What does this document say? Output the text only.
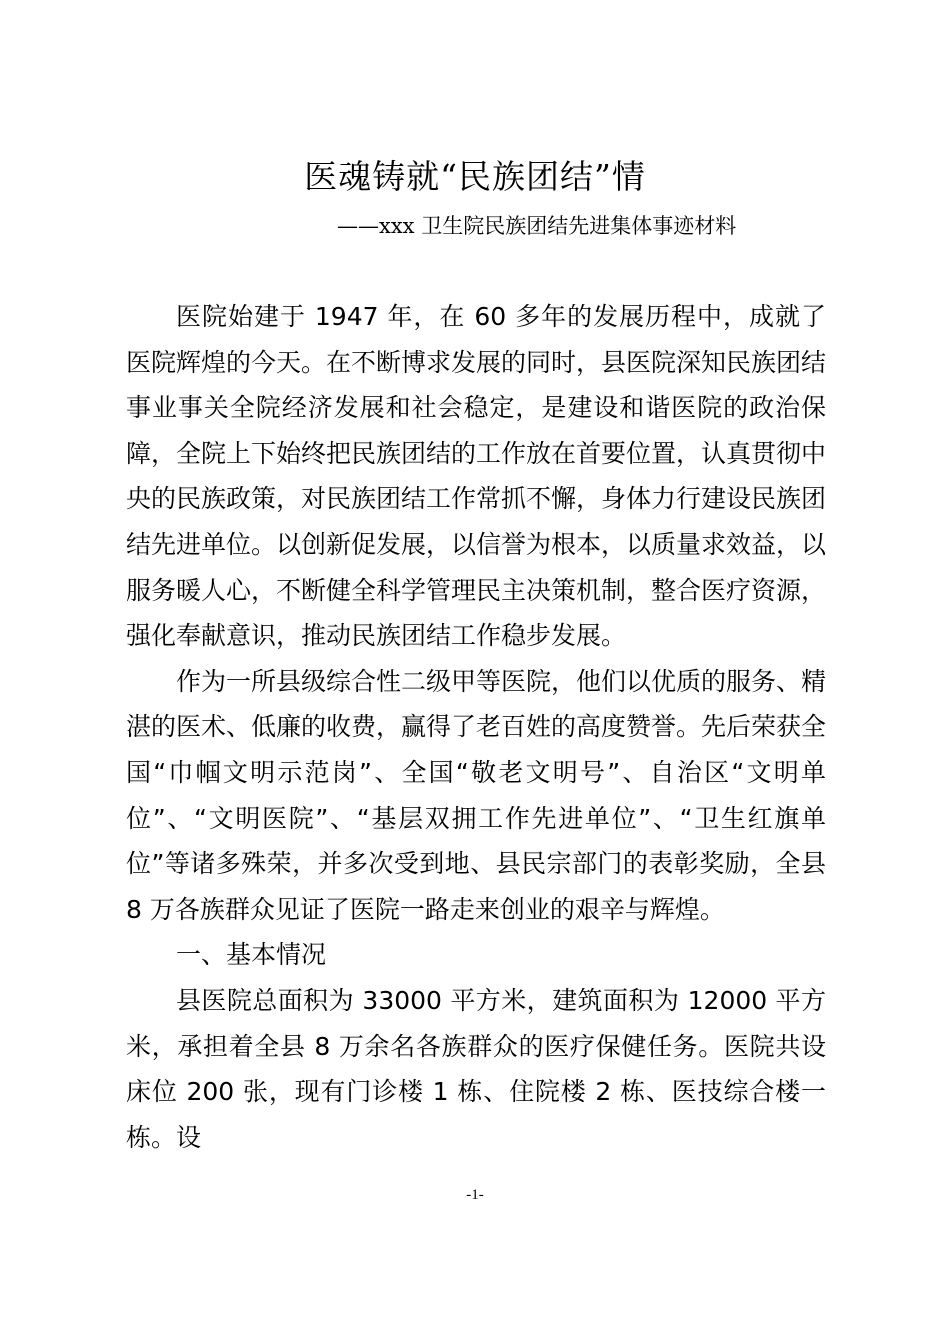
医魂铸就“民族团结”情
——xxx 卫生院民族团结先进集体事迹材料

医院始建于 1947 年，在 60 多年的发展历程中，成就了医院辉煌的今天。在不断博求发展的同时，县医院深知民族团结事业事关全院经济发展和社会稳定，是建设和谐医院的政治保障，全院上下始终把民族团结的工作放在首要位置，认真贯彻中央的民族政策，对民族团结工作常抓不懈，身体力行建设民族团结先进单位。以创新促发展，以信誉为根本，以质量求效益，以服务暖人心，不断健全科学管理民主决策机制，整合医疗资源，强化奉献意识，推动民族团结工作稳步发展。

作为一所县级综合性二级甲等医院，他们以优质的服务、精湛的医术、低廉的收费，赢得了老百姓的高度赞誉。先后荣获全国“巾帼文明示范岗”、全国“敬老文明号”、自治区“文明单位”、“文明医院”、“基层双拥工作先进单位”、“卫生红旗单位”等诸多殊荣，并多次受到地、县民宗部门的表彰奖励，全县 8 万各族群众见证了医院一路走来创业的艰辛与辉煌。

一、基本情况

县医院总面积为 33000 平方米，建筑面积为 12000 平方米，承担着全县 8 万余名各族群众的医疗保健任务。医院共设床位 200 张，现有门诊楼 1 栋、住院楼 2 栋、医技综合楼一栋。设

-1-
